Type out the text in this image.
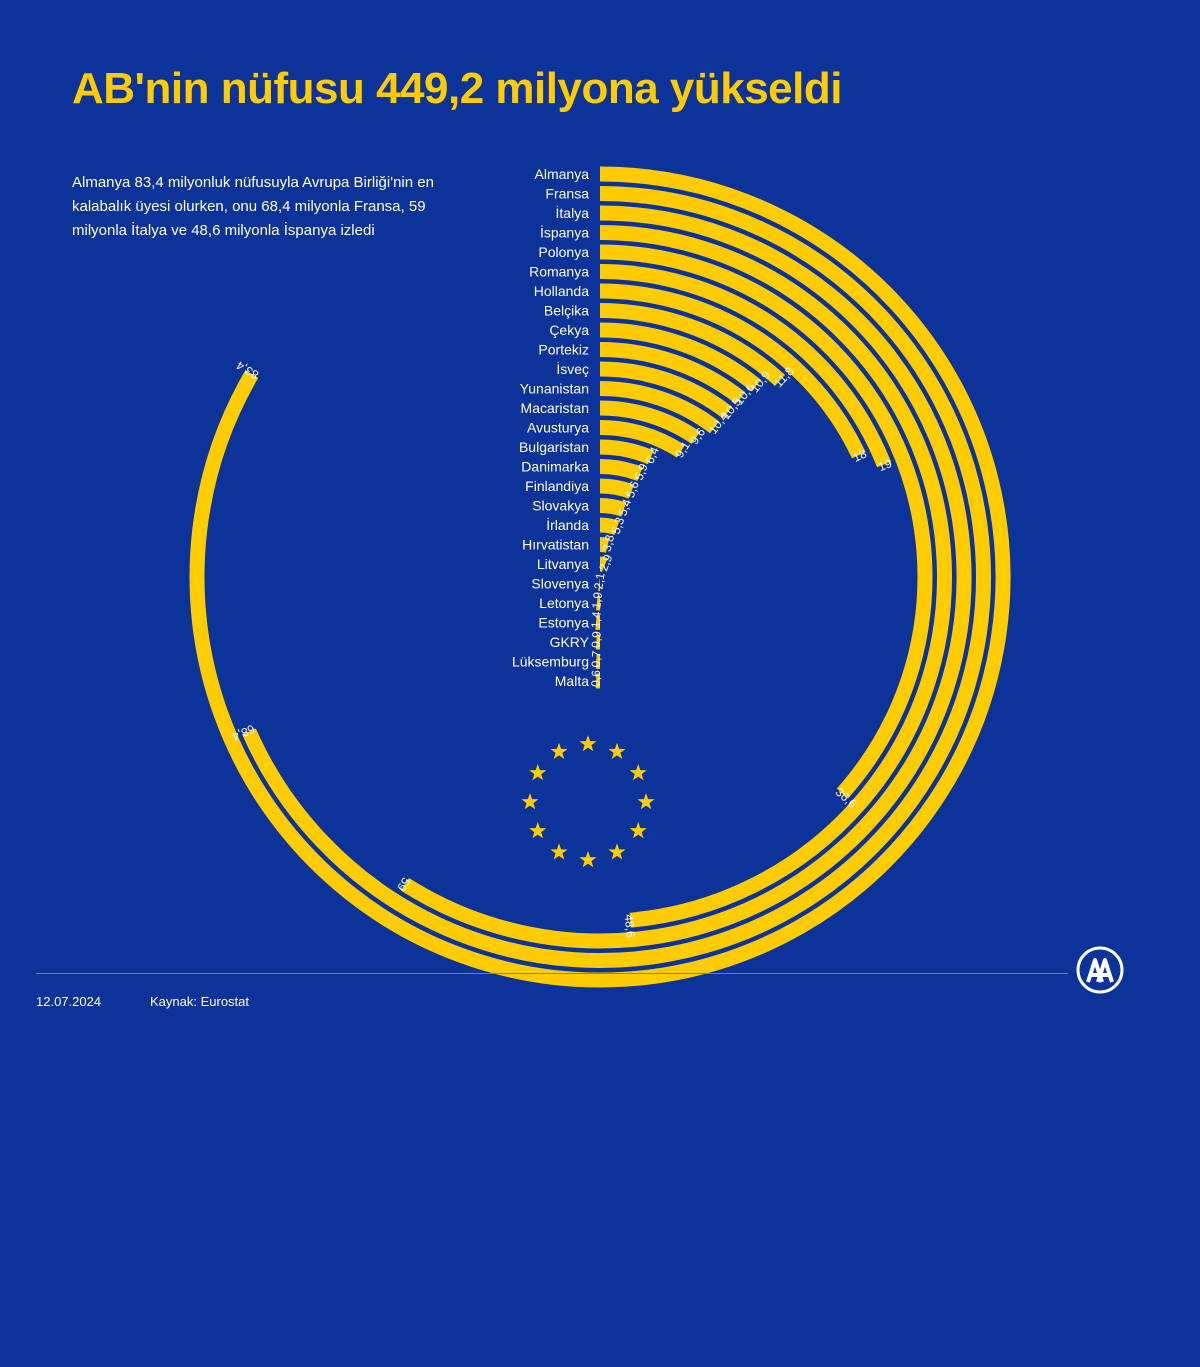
AB'nin nüfusu 449,2 milyona yükseldi

Almanya 83,4 milyonluk nüfusuyla Avrupa Birliği'nin en kalabalık üyesi olurken, onu 68,4 milyonla Fransa, 59 milyonla İtalya ve 48,6 milyonla İspanya izledi

Almanya
Fransa
İtalya
İspanya
Polonya
Romanya
Hollanda
Belçika
Çekya
Portekiz
İsveç
Yunanistan
Macaristan
Avusturya
Bulgaristan
Danimarka
Finlandiya
Slovakya
İrlanda
Hırvatistan
Litvanya
Slovenya
Letonya
Estonya
GKRY
Lüksemburg
Malta
83,4
68,4
59
48,6
36,6
19
18
11,8
10,9
10,6
10,5
10,4
9,6
9,1
6,4
5,9
5,6
5,4
5,3
3,8
2,9
2,1
1,9
1,4
0,9
0,7
0,6
12.07.2024	Kaynak: Eurostat
